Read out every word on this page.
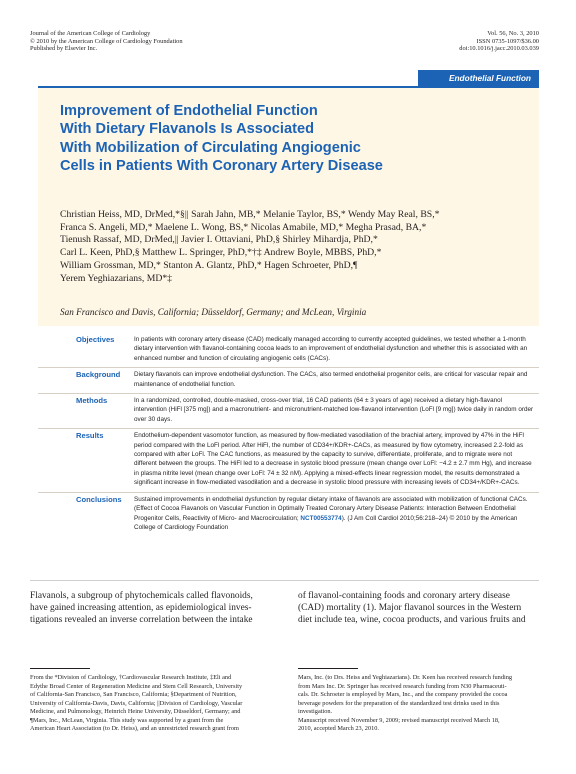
Journal of the American College of Cardiology
© 2010 by the American College of Cardiology Foundation
Published by Elsevier Inc.
Vol. 56, No. 3, 2010
ISSN 0735-1097/$36.00
doi:10.1016/j.jacc.2010.03.039
Endothelial Function
Improvement of Endothelial Function
With Dietary Flavanols Is Associated
With Mobilization of Circulating Angiogenic
Cells in Patients With Coronary Artery Disease
Christian Heiss, MD, DrMed,*§|| Sarah Jahn, MB,* Melanie Taylor, BS,* Wendy May Real, BS,*
Franca S. Angeli, MD,* Maelene L. Wong, BS,* Nicolas Amabile, MD,* Megha Prasad, BA,*
Tienush Rassaf, MD, DrMed,|| Javier I. Ottaviani, PhD,§ Shirley Mihardja, PhD,*
Carl L. Keen, PhD,§ Matthew L. Springer, PhD,*†‡ Andrew Boyle, MBBS, PhD,*
William Grossman, MD,* Stanton A. Glantz, PhD,* Hagen Schroeter, PhD,¶
Yerem Yeghiazarians, MD*‡
San Francisco and Davis, California; Düsseldorf, Germany; and McLean, Virginia
Objectives	In patients with coronary artery disease (CAD) medically managed according to currently accepted guidelines, we tested whether a 1-month dietary intervention with flavanol-containing cocoa leads to an improvement of endothelial dysfunction and whether this is associated with an enhanced number and function of circulating angiogenic cells (CACs).
Background	Dietary flavanols can improve endothelial dysfunction. The CACs, also termed endothelial progenitor cells, are critical for vascular repair and maintenance of endothelial function.
Methods	In a randomized, controlled, double-masked, cross-over trial, 16 CAD patients (64 ± 3 years of age) received a dietary high-flavanol intervention (HiFl [375 mg]) and a macronutrient- and micronutrient-matched low-flavanol intervention (LoFl [9 mg]) twice daily in random order over 30 days.
Results	Endothelium-dependent vasomotor function, as measured by flow-mediated vasodilation of the brachial artery, improved by 47% in the HiFl period compared with the LoFl period. After HiFl, the number of CD34+/KDR+-CACs, as measured by flow cytometry, increased 2.2-fold as compared with after LoFl. The CAC functions, as measured by the capacity to survive, differentiate, proliferate, and to migrate were not different between the groups. The HiFl led to a decrease in systolic blood pressure (mean change over LoFl: −4.2 ± 2.7 mm Hg), and increase in plasma nitrite level (mean change over LoFl: 74 ± 32 nM). Applying a mixed-effects linear regression model, the results demonstrated a significant increase in flow-mediated vasodilation and a decrease in systolic blood pressure with increasing levels of CD34+/KDR+-CACs.
Conclusions	Sustained improvements in endothelial dysfunction by regular dietary intake of flavanols are associated with mobilization of functional CACs. (Effect of Cocoa Flavanols on Vascular Function in Optimally Treated Coronary Artery Disease Patients: Interaction Between Endothelial Progenitor Cells, Reactivity of Micro- and Macrocirculation; NCT00553774). (J Am Coll Cardiol 2010;56:218–24) © 2010 by the American College of Cardiology Foundation
Flavanols, a subgroup of phytochemicals called flavonoids,
have gained increasing attention, as epidemiological inves-
tigations revealed an inverse correlation between the intake
of flavanol-containing foods and coronary artery disease
(CAD) mortality (1). Major flavanol sources in the Western
diet include tea, wine, cocoa products, and various fruits and
From the *Division of Cardiology, †Cardiovascular Research Institute, ‡Eli and
Edythe Broad Center of Regeneration Medicine and Stem Cell Research, University
of California-San Francisco, San Francisco, California; §Department of Nutrition,
University of California-Davis, Davis, California; ||Division of Cardiology, Vascular
Medicine, and Pulmonology, Heinrich Heine University, Düsseldorf, Germany; and
¶Mars, Inc., McLean, Virginia. This study was supported by a grant from the
American Heart Association (to Dr. Heiss), and an unrestricted research grant from
Mars, Inc. (to Drs. Heiss and Yeghiazarians). Dr. Keen has received research funding
from Mars Inc. Dr. Springer has received research funding from N30 Pharmaceuti-
cals. Dr. Schroeter is employed by Mars, Inc., and the company provided the cocoa
beverage powders for the preparation of the standardized test drinks used in this
investigation.
Manuscript received November 9, 2009; revised manuscript received March 18,
2010, accepted March 23, 2010.
